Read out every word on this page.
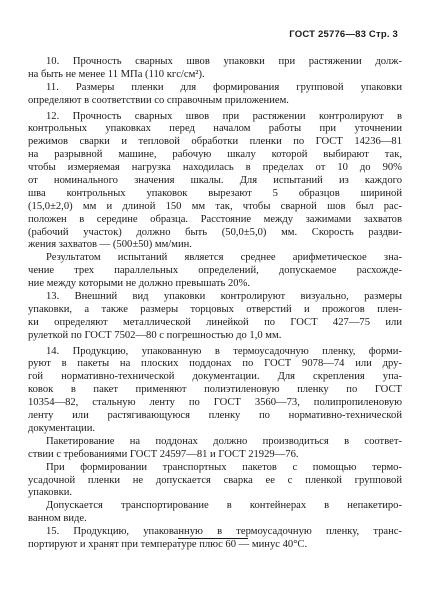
ГОСТ 25776—83 Стр. 3
10. Прочность сварных швов упаковки при растяжении долж-
на быть не менее 11 МПа (110 кгс/см²).
11. Размеры пленки для формирования групповой упаковки
определяют в соответствии со справочным приложением.
12. Прочность сварных швов при растяжении контролируют в
контрольных упаковках перед началом работы при уточнении
режимов сварки и тепловой обработки пленки по ГОСТ 14236—81
на разрывной машине, рабочую шкалу которой выбирают так,
чтобы измеряемая нагрузка находилась в пределах от 10 до 90%
от номинального значения шкалы. Для испытаний из каждого
шва контрольных упаковок вырезают 5 образцов шириной
(15,0±2,0) мм и длиной 150 мм так, чтобы сварной шов был рас-
положен в середине образца. Расстояние между зажимами захватов
(рабочий участок) должно быть (50,0±5,0) мм. Скорость раздви-
жения захватов — (500±50) мм/мин.
Результатом испытаний является среднее арифметическое зна-
чение трех параллельных определений, допускаемое расхожде-
ние между которыми не должно превышать 20%.
13. Внешний вид упаковки контролируют визуально, размеры
упаковки, а также размеры торцовых отверстий и прожогов плен-
ки определяют металлической линейкой по ГОСТ 427—75 или
рулеткой по ГОСТ 7502—80 с погрешностью до 1,0 мм.
14. Продукцию, упакованную в термоусадочную пленку, форми-
руют в пакеты на плоских поддонах по ГОСТ 9078—74 или дру-
гой нормативно-технической документации. Для скрепления упа-
ковок в пакет применяют полиэтиленовую пленку по ГОСТ
10354—82, стальную ленту по ГОСТ 3560—73, полипропиленовую
ленту или растягивающуюся пленку по нормативно-технической
документации.
Пакетирование на поддонах должно производиться в соответ-
ствии с требованиями ГОСТ 24597—81 и ГОСТ 21929—76.
При формировании транспортных пакетов с помощью термо-
усадочной пленки не допускается сварка ее с пленкой групповой
упаковки.
Допускается транспортирование в контейнерах в непакетиро-
ванном виде.
15. Продукцию, упакованную в термоусадочную пленку, транс-
портируют и хранят при температуре плюс 60 — минус 40°С.
